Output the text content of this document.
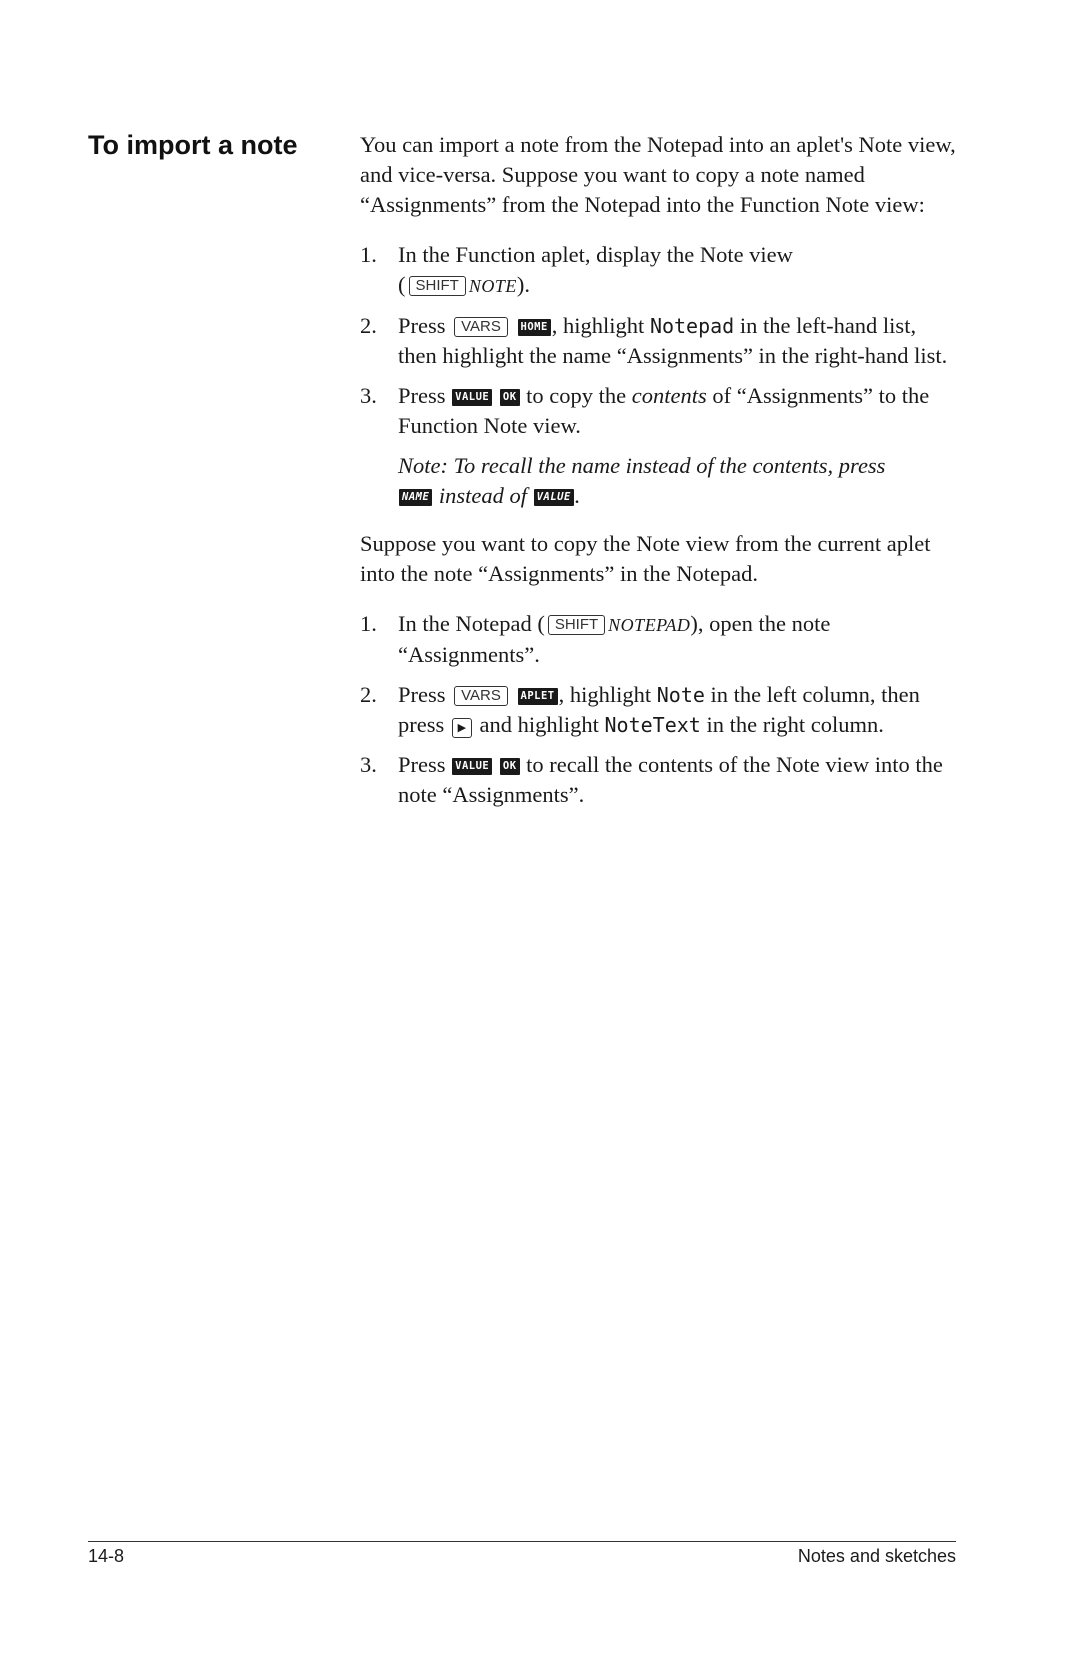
To import a note	You can import a note from the Notepad into an aplet's Note view, and vice-versa. Suppose you want to copy a note named “Assignments” from the Notepad into the Function Note view:

1. In the Function aplet, display the Note view
( SHIFT NOTE).
2. Press VARS HOME , highlight Notepad in the left-hand list, then highlight the name “Assignments” in the right-hand list.
3. Press VALUE OK to copy the contents of “Assignments” to the Function Note view.

Note: To recall the name instead of the contents, press
NAME instead of VALUE .

Suppose you want to copy the Note view from the current aplet into the note “Assignments” in the Notepad.

1. In the Notepad ( SHIFT NOTEPAD), open the note “Assignments”.
2. Press VARS APLET , highlight Note in the left column, then press ▶ and highlight NoteText in the right column.
3. Press VALUE OK to recall the contents of the Note view into the note “Assignments”.
14-8	Notes and sketches
